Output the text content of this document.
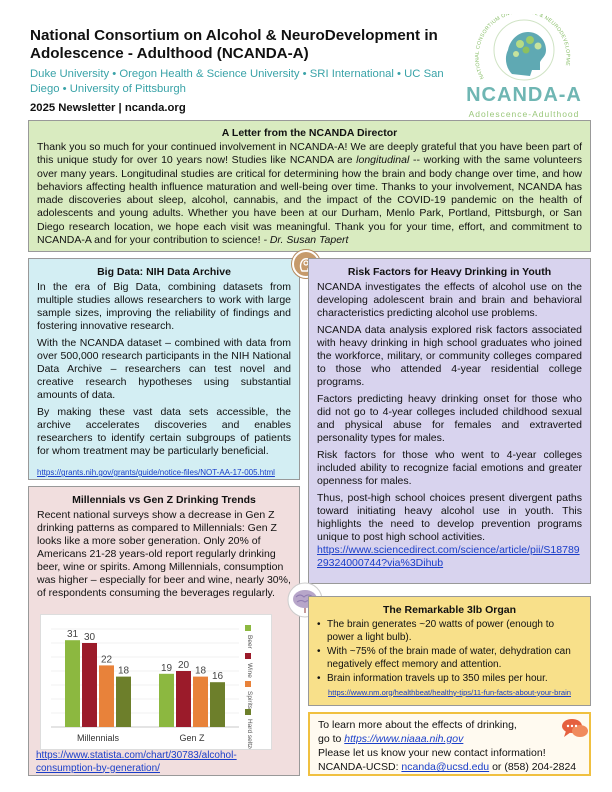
National Consortium on Alcohol & NeuroDevelopment in Adolescence - Adulthood (NCANDA-A)
Duke University • Oregon Health & Science University • SRI International • UC San Diego • University of Pittsburgh
2025 Newsletter | ncanda.org
NATIONAL CONSORTIUM ON L & NEURODEVELOPME
NCANDA-A
Adolescence-Adulthood
A Letter from the NCANDA Director
Thank you so much for your continued involvement in NCANDA-A! We are deeply grateful that you have been part of this unique study for over 10 years now! Studies like NCANDA are longitudinal -- working with the same volunteers over many years. Longitudinal studies are critical for determining how the brain and body change over time, and how behaviors affecting health influence maturation and well-being over time. Thanks to your involvement, NCANDA has made discoveries about sleep, alcohol, cannabis, and the impact of the COVID-19 pandemic on the health of adolescents and young adults. Whether you have been at our Durham, Menlo Park, Portland, Pittsburgh, or San Diego research location, we hope each visit was meaningful. Thank you for your time, effort, and commitment to NCANDA-A and for your contribution to science! - Dr. Susan Tapert
Big Data: NIH Data Archive
In the era of Big Data, combining datasets from multiple studies allows researchers to work with large sample sizes, improving the reliability of findings and fostering innovative research.
With the NCANDA dataset – combined with data from over 500,000 research participants in the NIH National Data Archive – researchers can test novel and creative research hypotheses using substantial amounts of data.
By making these vast data sets accessible, the archive accelerates discoveries and enables researchers to identify certain subgroups of patients for whom treatment may be particularly beneficial.
https://grants.nih.gov/grants/guide/notice-files/NOT-AA-17-005.html
Risk Factors for Heavy Drinking in Youth
NCANDA investigates the effects of alcohol use on the developing adolescent brain and brain and behavioral characteristics predicting alcohol use problems.
NCANDA data analysis explored risk factors associated with heavy drinking in high school graduates who joined the workforce, military, or community colleges compared to those who attended 4-year residential college programs.
Factors predicting heavy drinking onset for those who did not go to 4-year colleges included childhood sexual and physical abuse for females and extraverted personality types for males.
Risk factors for those who went to 4-year colleges included ability to recognize facial emotions and greater openness for males.
Thus, post-high school choices present divergent paths toward initiating heavy alcohol use in youth. This highlights the need to develop prevention programs unique to post high school activities.
https://www.sciencedirect.com/science/article/pii/S1878929324000744?via%3Dihub
Millennials vs Gen Z Drinking Trends
Recent national surveys show a decrease in Gen Z drinking patterns as compared to Millennials: Gen Z looks like a more sober generation. Only 20% of Americans 21-28 years-old report regularly drinking beer, wine or spirits. Among Millennials, consumption was higher – especially for beer and wine, nearly 30%, of respondents consuming the beverages regularly.
31 30
22
18
Millennials
19 20
18
16
Gen Z
Beer
Wine
Spirits
Hard seltzer
https://www.statista.com/chart/30783/alcohol-consumption-by-generation/
The Remarkable 3lb Organ
• The brain generates ~20 watts of power (enough to power a light bulb).
• With ~75% of the brain made of water, dehydration can negatively effect memory and attention.
• Brain information travels up to 350 miles per hour.
https://www.nm.org/healthbeat/healthy-tips/11-fun-facts-about-your-brain
To learn more about the effects of drinking,
go to https://www.niaaa.nih.gov
Please let us know your new contact information!
NCANDA-UCSD: ncanda@ucsd.edu or (858) 204-2824
